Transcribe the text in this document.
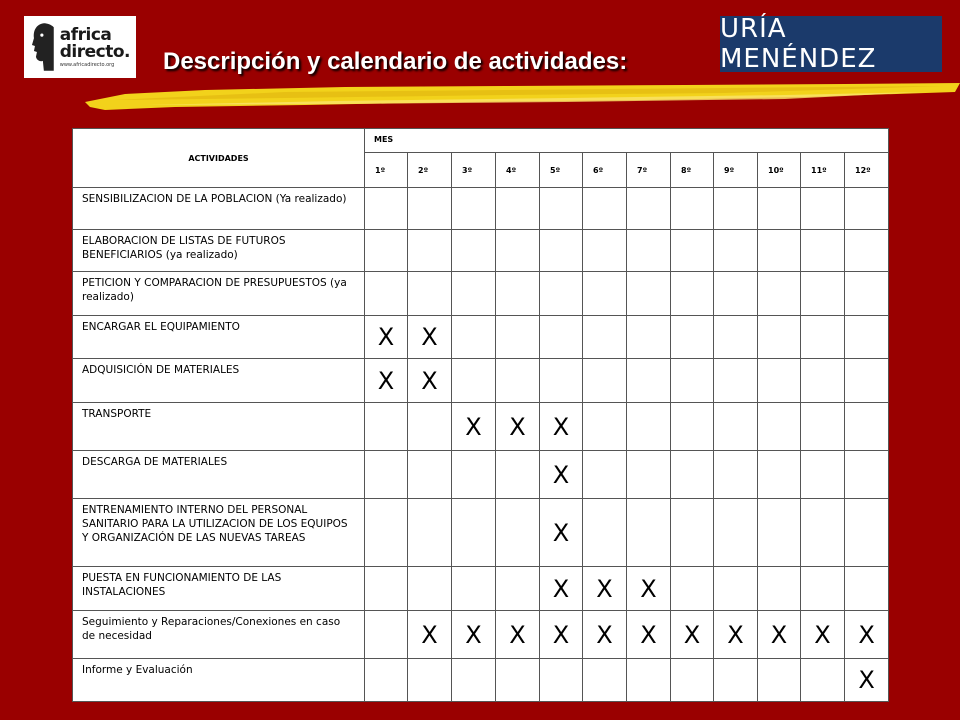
africa
directo.
www.africadirecto.org
URÍA MENÉNDEZ
Descripción y calendario de actividades:
ACTIVIDADES	MES											
	1º	2º	3º	4º	5º	6º	7º	8º	9º	10º	11º	12º
SENSIBILIZACION DE LA POBLACION (Ya realizado)												
ELABORACION DE LISTAS DE FUTUROS BENEFICIARIOS (ya realizado)												
PETICION Y COMPARACION DE PRESUPUESTOS (ya realizado)												
ENCARGAR EL EQUIPAMIENTO	X	X										
ADQUISICIÓN DE MATERIALES	X	X										
TRANSPORTE			X	X	X							
DESCARGA DE MATERIALES					X							
ENTRENAMIENTO INTERNO DEL PERSONAL SANITARIO PARA LA UTILIZACION DE LOS EQUIPOS Y ORGANIZACIÓN DE LAS NUEVAS TAREAS					X							
PUESTA EN FUNCIONAMIENTO DE LAS INSTALACIONES					X	X	X					
Seguimiento y Reparaciones/Conexiones en caso de necesidad		X	X	X	X	X	X	X	X	X	X	X
Informe y Evaluación												X
